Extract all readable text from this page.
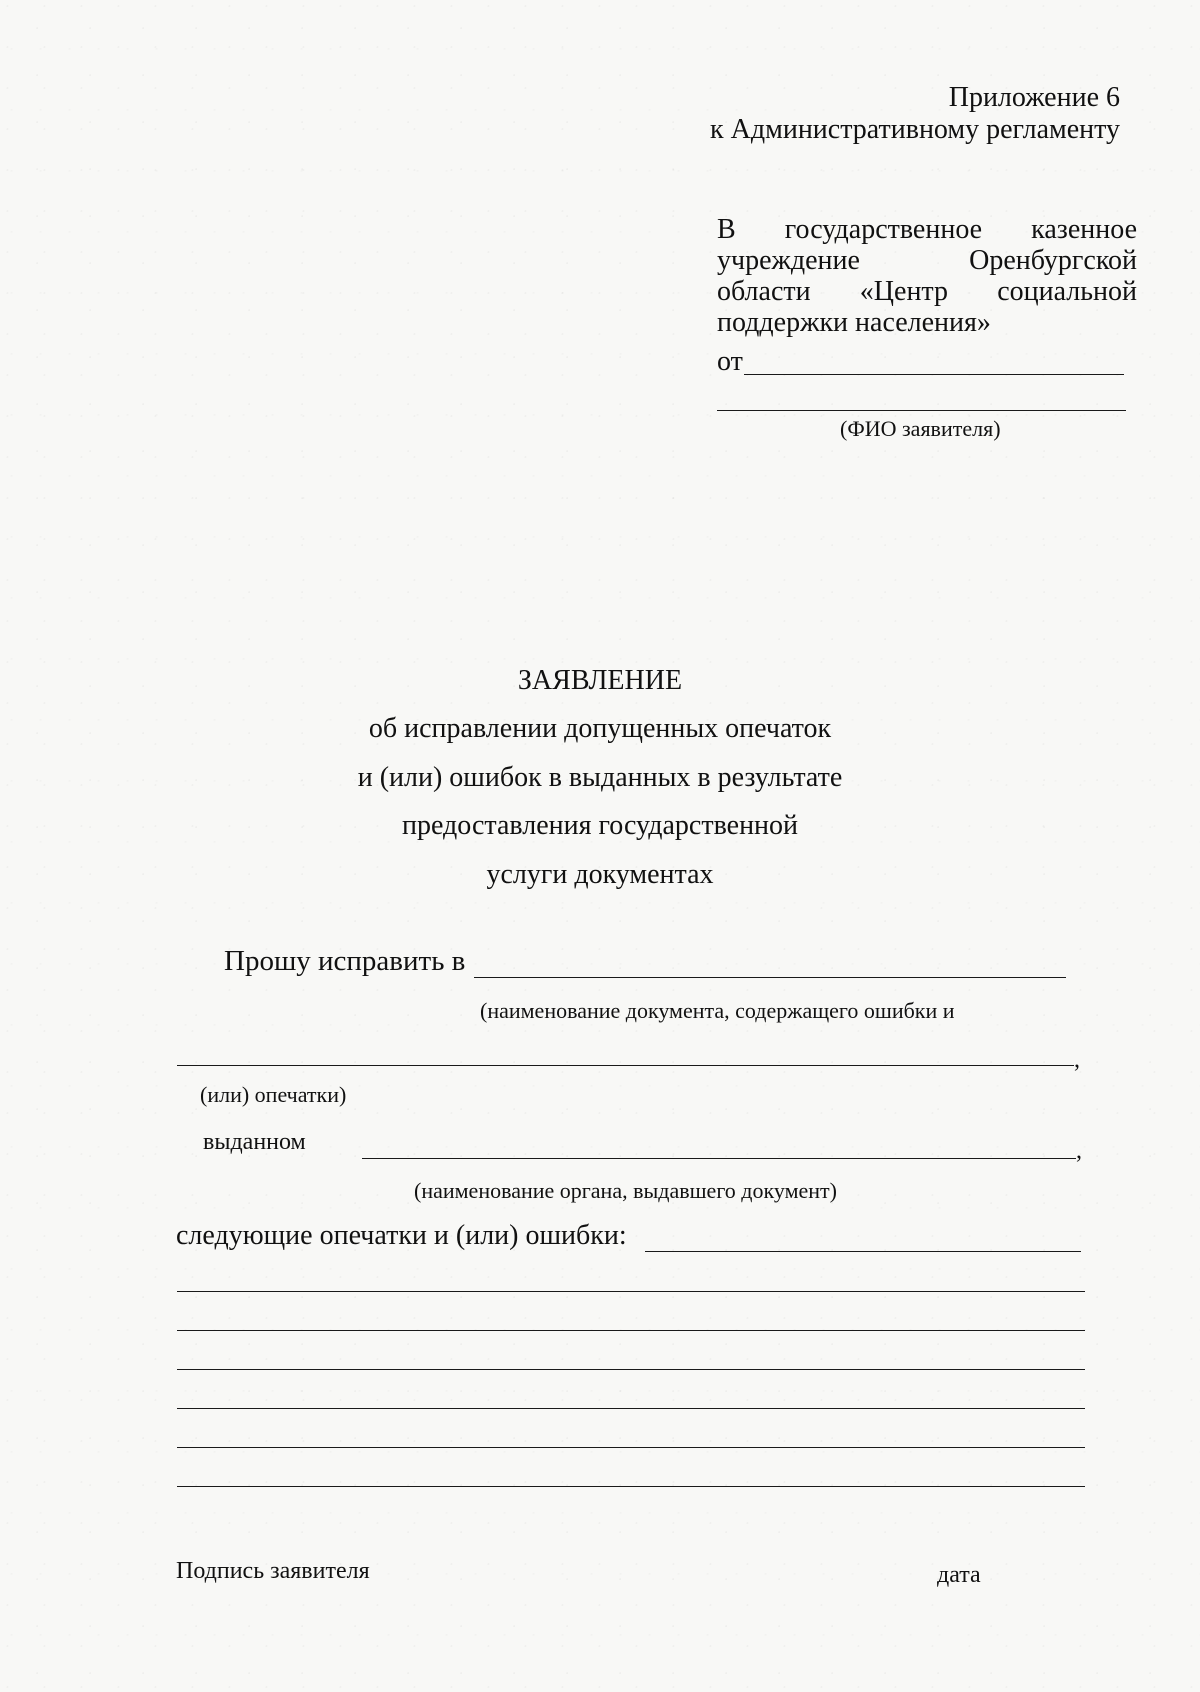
Приложение 6
к Административному регламенту
В государственное казенное
учреждение	Оренбургской
области «Центр социальной
поддержки населения»
от
(ФИО заявителя)
ЗАЯВЛЕНИЕ
об исправлении допущенных опечаток
и (или) ошибок в выданных в результате
предоставления государственной
услуги документах
Прошу исправить в
(наименование документа, содержащего ошибки и
,
(или) опечатки)
выданном	,
(наименование органа, выдавшего документ)
следующие опечатки и (или) ошибки:
Подпись заявителя	дата
